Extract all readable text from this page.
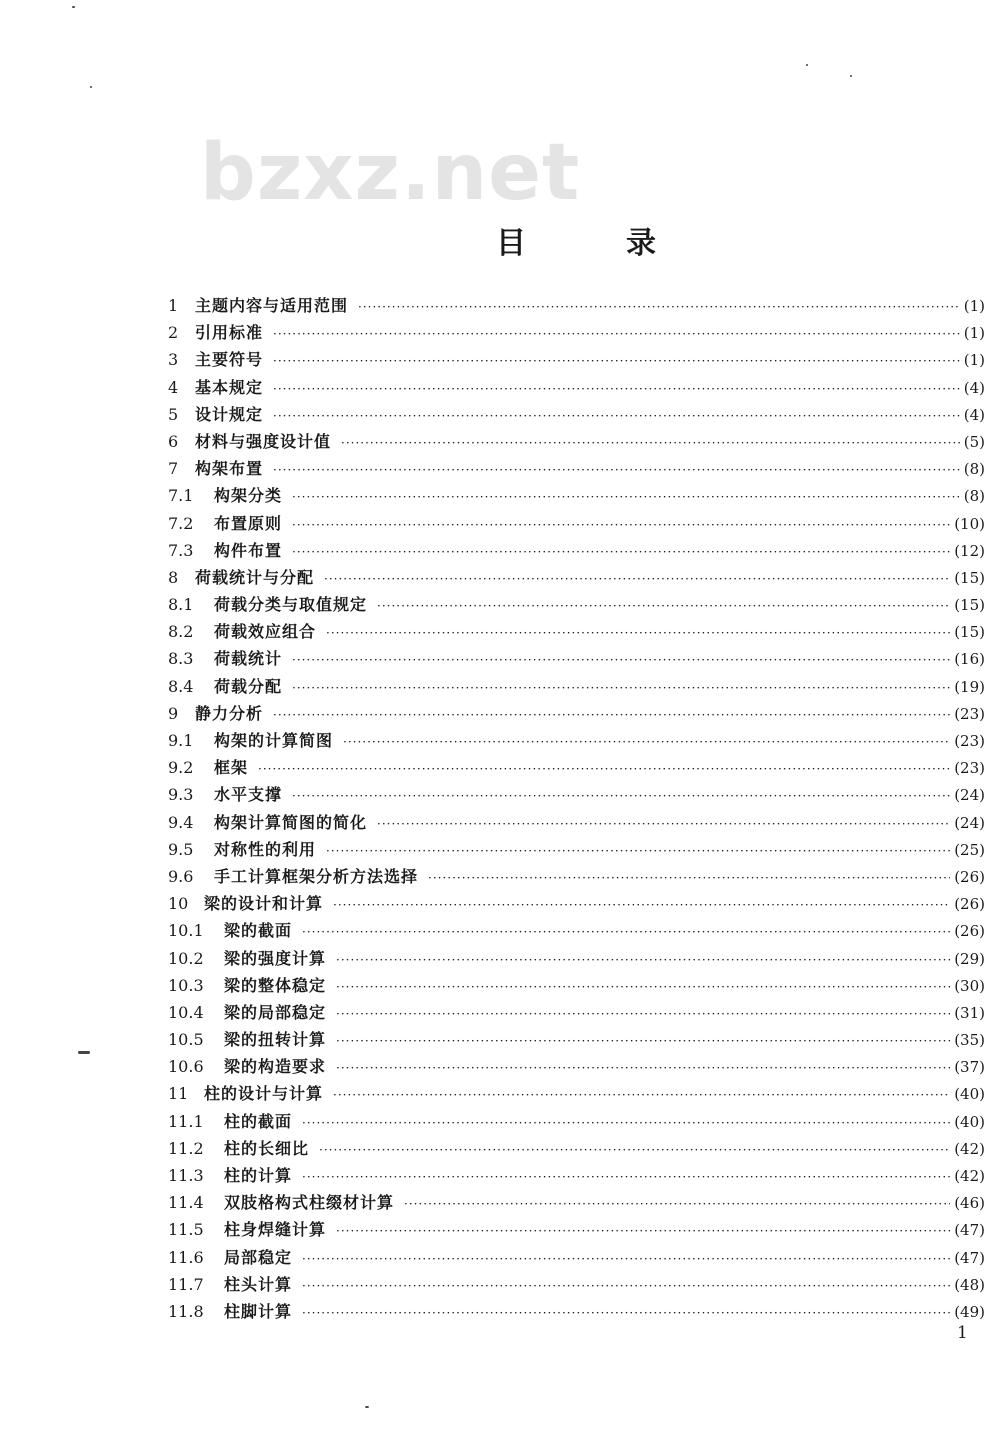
bzxz.net
目录
1	主题内容与适用范围 ·····	(1)
2	引用标准 ·····	(1)
3	主要符号 ·····	(1)
4	基本规定 ·····	(4)
5	设计规定 ·····	(4)
6	材料与强度设计值 ·····	(5)
7	构架布置 ·····	(8)
7.1	构架分类 ·····	(8)
7.2	布置原则 ·····	(10)
7.3	构件布置 ·····	(12)
8	荷载统计与分配 ·····	(15)
8.1	荷载分类与取值规定 ·····	(15)
8.2	荷载效应组合 ·····	(15)
8.3	荷载统计 ·····	(16)
8.4	荷载分配 ·····	(19)
9	静力分析 ·····	(23)
9.1	构架的计算简图 ·····	(23)
9.2	框架 ·····	(23)
9.3	水平支撑 ·····	(24)
9.4	构架计算简图的简化 ·····	(24)
9.5	对称性的利用 ·····	(25)
9.6	手工计算框架分析方法选择 ·····	(26)
10 梁的设计和计算 ·····	(26)
10.1	梁的截面 ·····	(26)
10.2	梁的强度计算 ·····	(29)
10.3	梁的整体稳定 ·····	(30)
10.4	梁的局部稳定 ·····	(31)
10.5	梁的扭转计算 ·····	(35)
10.6	梁的构造要求 ·····	(37)
11 柱的设计与计算 ·····	(40)
11.1	柱的截面 ·····	(40)
11.2	柱的长细比 ·····	(42)
11.3	柱的计算 ·····	(42)
11.4	双肢格构式柱缀材计算 ·····	(46)
11.5	柱身焊缝计算 ·····	(47)
11.6	局部稳定 ·····	(47)
11.7	柱头计算 ·····	(48)
11.8	柱脚计算 ·····	(49)
1
